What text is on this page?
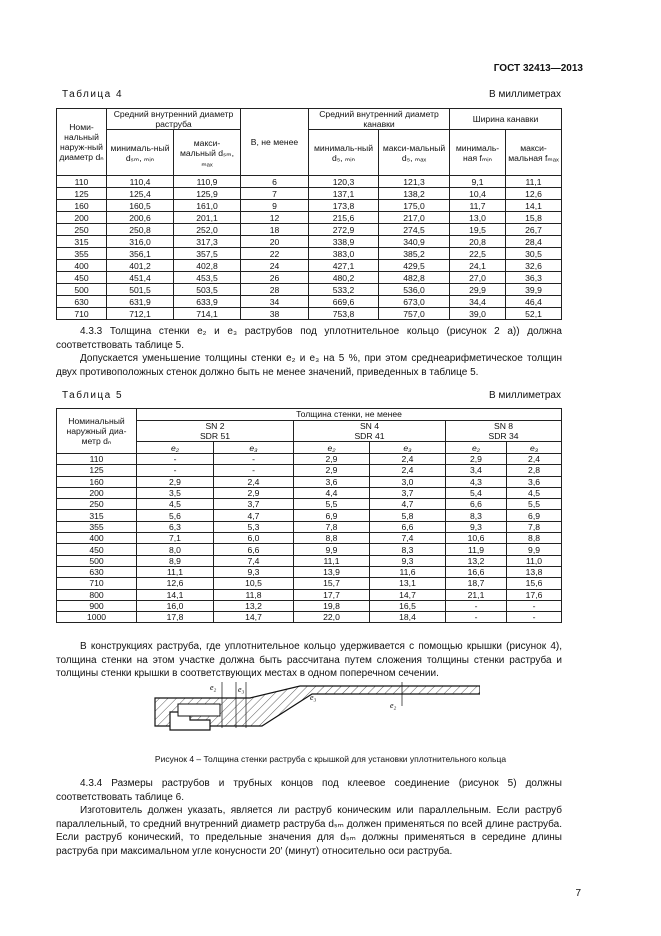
ГОСТ 32413—2013
Таблица 4	В миллиметрах
Номи-нальный наруж-ный диаметр dₙ	Средний внутренний диаметр раструба		B, не менее	Средний внутренний диаметр канавки		Ширина канавки	
	минималь-ный dₛₘ, ₘᵢₙ	макси-мальный dₛₘ, ₘₐₓ		минималь-ный d₅, ₘᵢₙ	макси-мальный d₅, ₘₐₓ	минималь-ная fₘᵢₙ	макси-мальная fₘₐₓ
110	110,4	110,9	6	120,3	121,3	9,1	11,1
125	125,4	125,9	7	137,1	138,2	10,4	12,6
160	160,5	161,0	9	173,8	175,0	11,7	14,1
200	200,6	201,1	12	215,6	217,0	13,0	15,8
250	250,8	252,0	18	272,9	274,5	19,5	26,7
315	316,0	317,3	20	338,9	340,9	20,8	28,4
355	356,1	357,5	22	383,0	385,2	22,5	30,5
400	401,2	402,8	24	427,1	429,5	24,1	32,6
450	451,4	453,5	26	480,2	482,8	27,0	36,3
500	501,5	503,5	28	533,2	536,0	29,9	39,9
630	631,9	633,9	34	669,6	673,0	34,4	46,4
710	712,1	714,1	38	753,8	757,0	39,0	52,1

4.3.3 Толщина стенки e₂ и e₃ раструбов под уплотнительное кольцо (рисунок 2 а)) должна соответствовать таблице 5.

Допускается уменьшение толщины стенки e₂ и e₃ на 5 %, при этом среднеарифметическое толщин двух противоположных стенок должно быть не менее значений, приведенных в таблице 5.

Таблица 5	В миллиметрах
Номинальный наружный диа-метр dₙ	Толщина стенки, не менее					
	SN 2
SDR 51		SN 4
SDR 41		SN 8
SDR 34	
	e₂	e₃	e₂	e₃	e₂	e₃
110	-	-	2,9	2,4	2,9	2,4
125	-	-	2,9	2,4	3,4	2,8
160	2,9	2,4	3,6	3,0	4,3	3,6
200	3,5	2,9	4,4	3,7	5,4	4,5
250	4,5	3,7	5,5	4,7	6,6	5,5
315	5,6	4,7	6,9	5,8	8,3	6,9
355	6,3	5,3	7,8	6,6	9,3	7,8
400	7,1	6,0	8,8	7,4	10,6	8,8
450	8,0	6,6	9,9	8,3	11,9	9,9
500	8,9	7,4	11,1	9,3	13,2	11,0
630	11,1	9,3	13,9	11,6	16,6	13,8
710	12,6	10,5	15,7	13,1	18,7	15,6
800	14,1	11,8	17,7	14,7	21,1	17,6
900	16,0	13,2	19,8	16,5	-	-
1000	17,8	14,7	22,0	18,4	-	-

В конструкциях раструба, где уплотнительное кольцо удерживается с помощью крышки (рисунок 4), толщина стенки на этом участке должна быть рассчитана путем сложения толщины стенки раструба и толщины стенки крышки в соответствующих местах в одном поперечном сечении.

e₂	e₃
e₃
e₂
Рисунок 4 – Толщина стенки раструба с крышкой для установки уплотнительного кольца

4.3.4 Размеры раструбов и трубных концов под клеевое соединение (рисунок 5) должны соответствовать таблице 6.

Изготовитель должен указать, является ли раструб коническим или параллельным. Если раструб параллельный, то средний внутренний диаметр раструба dₛₘ должен применяться по всей длине раструба. Если раструб конический, то предельные значения для dₛₘ должны применяться в середине длины раструба при максимальном угле конусности 20′ (минут) относительно оси раструба.

7
